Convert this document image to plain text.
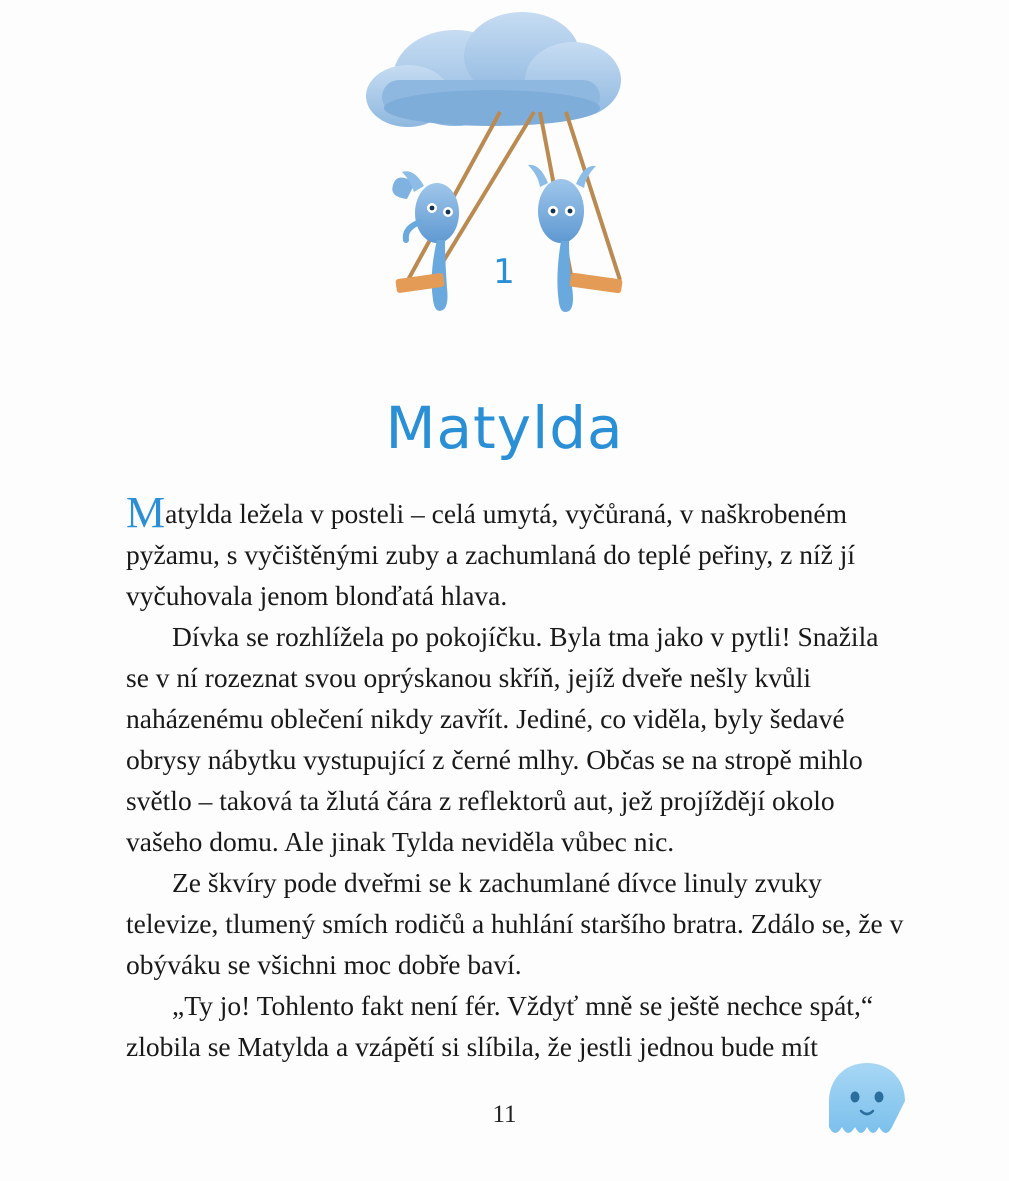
1
Matylda

Matylda ležela v posteli – celá umytá, vyčůraná, v naškrobeném pyžamu, s vyčištěnými zuby a zachumlaná do teplé peřiny, z níž jí vyčuhovala jenom blonďatá hlava.

Dívka se rozhlížela po pokojíčku. Byla tma jako v pytli! Snažila se v ní rozeznat svou oprýskanou skříň, jejíž dveře nešly kvůli naházenému oblečení nikdy zavřít. Jediné, co viděla, byly šedavé obrysy nábytku vystupující z černé mlhy. Občas se na stropě mihlo světlo – taková ta žlutá čára z reflektorů aut, jež projíždějí okolo vašeho domu. Ale jinak Tylda neviděla vůbec nic.

Ze škvíry pode dveřmi se k zachumlané dívce linuly zvuky televize, tlumený smích rodičů a huhlání staršího bratra. Zdálo se, že v obýváku se všichni moc dobře baví.

„Ty jo! Tohlento fakt není fér. Vždyť mně se ještě nechce spát,“ zlobila se Matylda a vzápětí si slíbila, že jestli jednou bude mít

11
